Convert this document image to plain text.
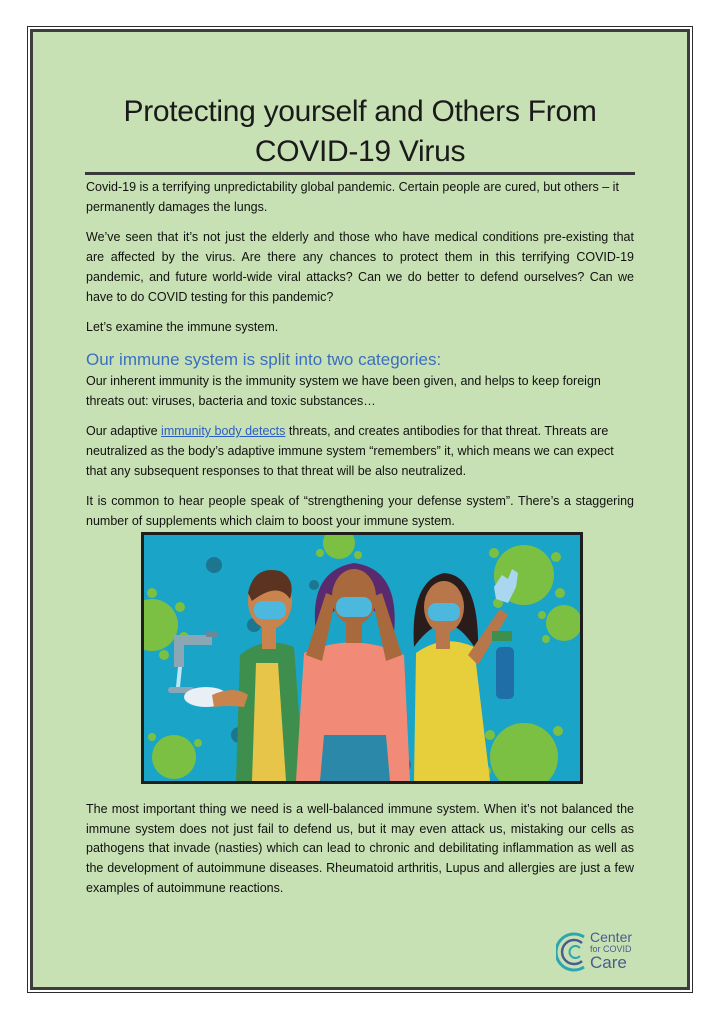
Protecting yourself and Others From
COVID-19 Virus

Covid-19 is a terrifying unpredictability global pandemic. Certain people are cured, but others – it permanently damages the lungs.

We’ve seen that it’s not just the elderly and those who have medical conditions pre-existing that are affected by the virus. Are there any chances to protect them in this terrifying COVID-19 pandemic, and future world-wide viral attacks? Can we do better to defend ourselves? Can we have to do COVID testing for this pandemic?

Let’s examine the immune system.

Our immune system is split into two categories:

Our inherent immunity is the immunity system we have been given, and helps to keep foreign threats out: viruses, bacteria and toxic substances…

Our adaptive immunity body detects threats, and creates antibodies for that threat. Threats are neutralized as the body’s adaptive immune system “remembers” it, which means we can expect that any subsequent responses to that threat will be also neutralized.

It is common to hear people speak of “strengthening your defense system”. There’s a staggering number of supplements which claim to boost your immune system.

The most important thing we need is a well-balanced immune system. When it’s not balanced the immune system does not just fail to defend us, but it may even attack us, mistaking our cells as pathogens that invade (nasties) which can lead to chronic and debilitating inflammation as well as the development of autoimmune diseases. Rheumatoid arthritis, Lupus and allergies are just a few examples of autoimmune reactions.

Center
for COVID
Care
